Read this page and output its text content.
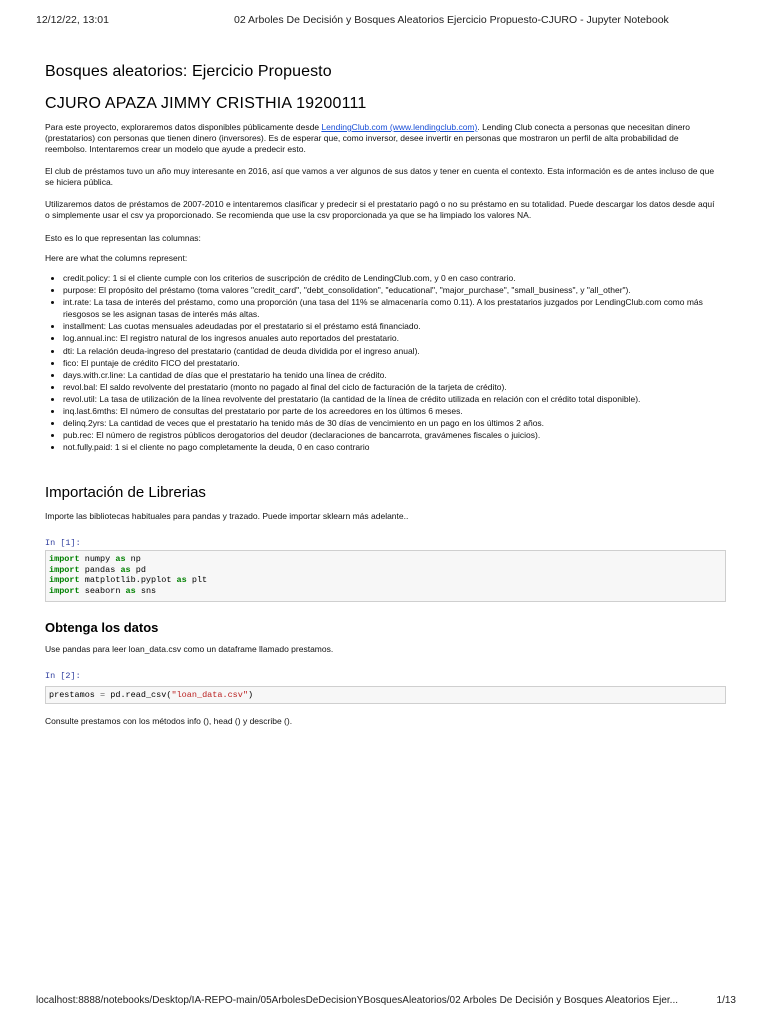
12/12/22, 13:01	02 Arboles De Decisión y Bosques Aleatorios Ejercicio Propuesto-CJURO - Jupyter Notebook
Bosques aleatorios: Ejercicio Propuesto
CJURO APAZA JIMMY CRISTHIA 19200111
Para este proyecto, exploraremos datos disponibles públicamente desde LendingClub.com (www.lendingclub.com). Lending Club conecta a personas que necesitan dinero (prestatarios) con personas que tienen dinero (inversores). Es de esperar que, como inversor, desee invertir en personas que mostraron un perfil de alta probabilidad de reembolso. Intentaremos crear un modelo que ayude a predecir esto.
El club de préstamos tuvo un año muy interesante en 2016, así que vamos a ver algunos de sus datos y tener en cuenta el contexto. Esta información es de antes incluso de que se hiciera pública.
Utilizaremos datos de préstamos de 2007-2010 e intentaremos clasificar y predecir si el prestatario pagó o no su préstamo en su totalidad. Puede descargar los datos desde aquí o simplemente usar el csv ya proporcionado. Se recomienda que use la csv proporcionada ya que se ha limpiado los valores NA.
Esto es lo que representan las columnas:
Here are what the columns represent:
• credit.policy: 1 si el cliente cumple con los criterios de suscripción de crédito de LendingClub.com, y 0 en caso contrario.
• purpose: El propósito del préstamo (toma valores "credit_card", "debt_consolidation", "educational", "major_purchase", "small_business", y "all_other").
• int.rate: La tasa de interés del préstamo, como una proporción (una tasa del 11% se almacenaría como 0.11). A los prestatarios juzgados por LendingClub.com como más riesgosos se les asignan tasas de interés más altas.
• installment: Las cuotas mensuales adeudadas por el prestatario si el préstamo está financiado.
• log.annual.inc: El registro natural de los ingresos anuales auto reportados del prestatario.
• dti: La relación deuda-ingreso del prestatario (cantidad de deuda dividida por el ingreso anual).
• fico: El puntaje de crédito FICO del prestatario.
• days.with.cr.line: La cantidad de días que el prestatario ha tenido una línea de crédito.
• revol.bal: El saldo revolvente del prestatario (monto no pagado al final del ciclo de facturación de la tarjeta de crédito).
• revol.util: La tasa de utilización de la línea revolvente del prestatario (la cantidad de la línea de crédito utilizada en relación con el crédito total disponible).
• inq.last.6mths: El número de consultas del prestatario por parte de los acreedores en los últimos 6 meses.
• delinq.2yrs: La cantidad de veces que el prestatario ha tenido más de 30 días de vencimiento en un pago en los últimos 2 años.
• pub.rec: El número de registros públicos derogatorios del deudor (declaraciones de bancarrota, gravámenes fiscales o juicios).
• not.fully.paid: 1 si el cliente no pago completamente la deuda, 0 en caso contrario
Importación de Librerias
Importe las bibliotecas habituales para pandas y trazado. Puede importar sklearn más adelante..
In [1]:
import numpy as np
import pandas as pd
import matplotlib.pyplot as plt
import seaborn as sns
Obtenga los datos
Use pandas para leer loan_data.csv como un dataframe llamado prestamos.
In [2]:
prestamos = pd.read_csv("loan_data.csv")
Consulte prestamos con los métodos info (), head () y describe ().
localhost:8888/notebooks/Desktop/IA-REPO-main/05ArbolesDeDecisionYBosquesAleatorios/02 Arboles De Decisión y Bosques Aleatorios Ejer...	1/13
